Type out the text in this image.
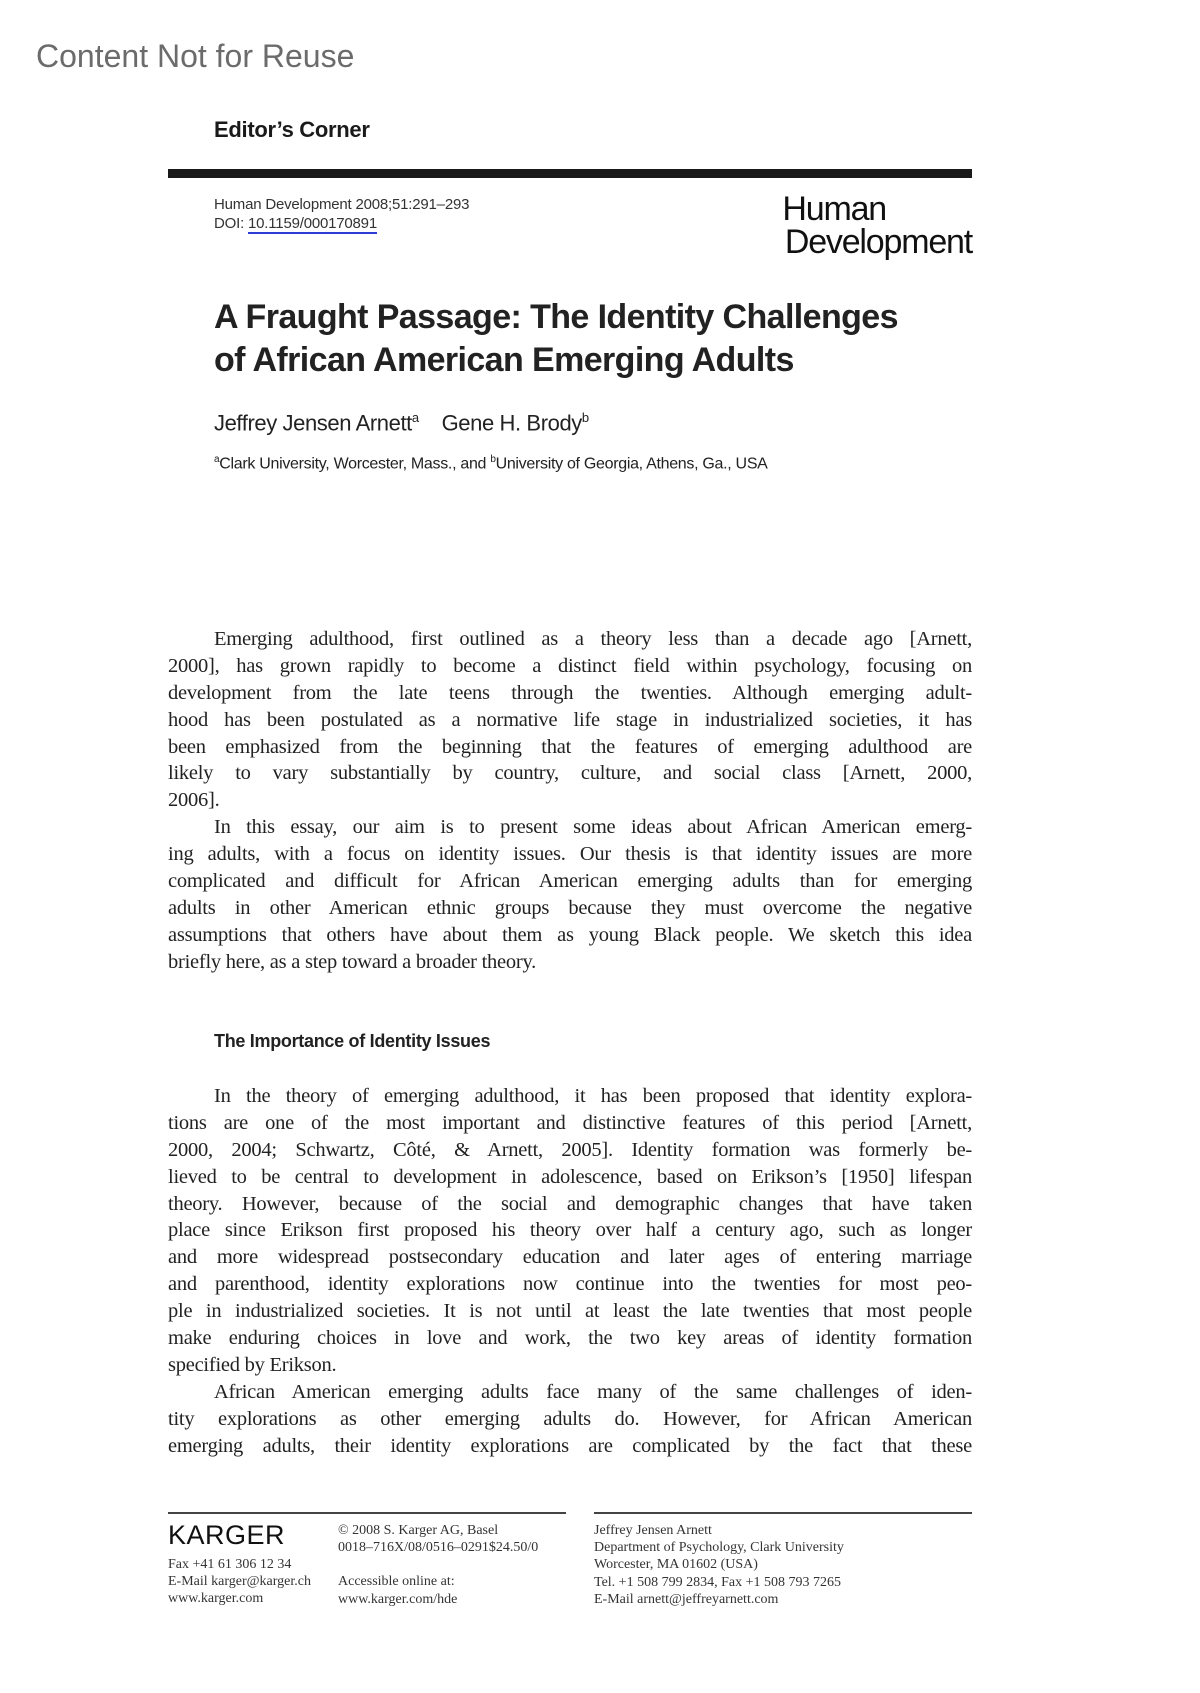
Content Not for Reuse
Editor’s Corner
Human Development 2008;51:291–293
DOI: 10.1159/000170891	Human
Development
A Fraught Passage: The Identity Challenges
of African American Emerging Adults
Jeffrey Jensen Arnett$^a$ Gene H. Brody$^b$
$^a$Clark University, Worcester, Mass., and $^b$University of Georgia, Athens, Ga., USA
Emerging adulthood, first outlined as a theory less than a decade ago [Arnett,
2000], has grown rapidly to become a distinct field within psychology, focusing on
development from the late teens through the twenties. Although emerging adult-
hood has been postulated as a normative life stage in industrialized societies, it has
been emphasized from the beginning that the features of emerging adulthood are
likely to vary substantially by country, culture, and social class [Arnett, 2000,
2006].
In this essay, our aim is to present some ideas about African American emerg-
ing adults, with a focus on identity issues. Our thesis is that identity issues are more
complicated and difficult for African American emerging adults than for emerging
adults in other American ethnic groups because they must overcome the negative
assumptions that others have about them as young Black people. We sketch this idea
briefly here, as a step toward a broader theory.
The Importance of Identity Issues
In the theory of emerging adulthood, it has been proposed that identity explora-
tions are one of the most important and distinctive features of this period [Arnett,
2000, 2004; Schwartz, Côté, & Arnett, 2005]. Identity formation was formerly be-
lieved to be central to development in adolescence, based on Erikson’s [1950] lifespan
theory. However, because of the social and demographic changes that have taken
place since Erikson first proposed his theory over half a century ago, such as longer
and more widespread postsecondary education and later ages of entering marriage
and parenthood, identity explorations now continue into the twenties for most peo-
ple in industrialized societies. It is not until at least the late twenties that most people
make enduring choices in love and work, the two key areas of identity formation
specified by Erikson.
African American emerging adults face many of the same challenges of iden-
tity explorations as other emerging adults do. However, for African American
emerging adults, their identity explorations are complicated by the fact that these
KARGER
Fax +41 61 306 12 34
E-Mail karger@karger.ch
www.karger.com
© 2008 S. Karger AG, Basel
0018–716X/08/0516–0291$24.50/0
Accessible online at:
www.karger.com/hde
Jeffrey Jensen Arnett
Department of Psychology, Clark University
Worcester, MA 01602 (USA)
Tel. +1 508 799 2834, Fax +1 508 793 7265
E-Mail arnett@jeffreyarnett.com
